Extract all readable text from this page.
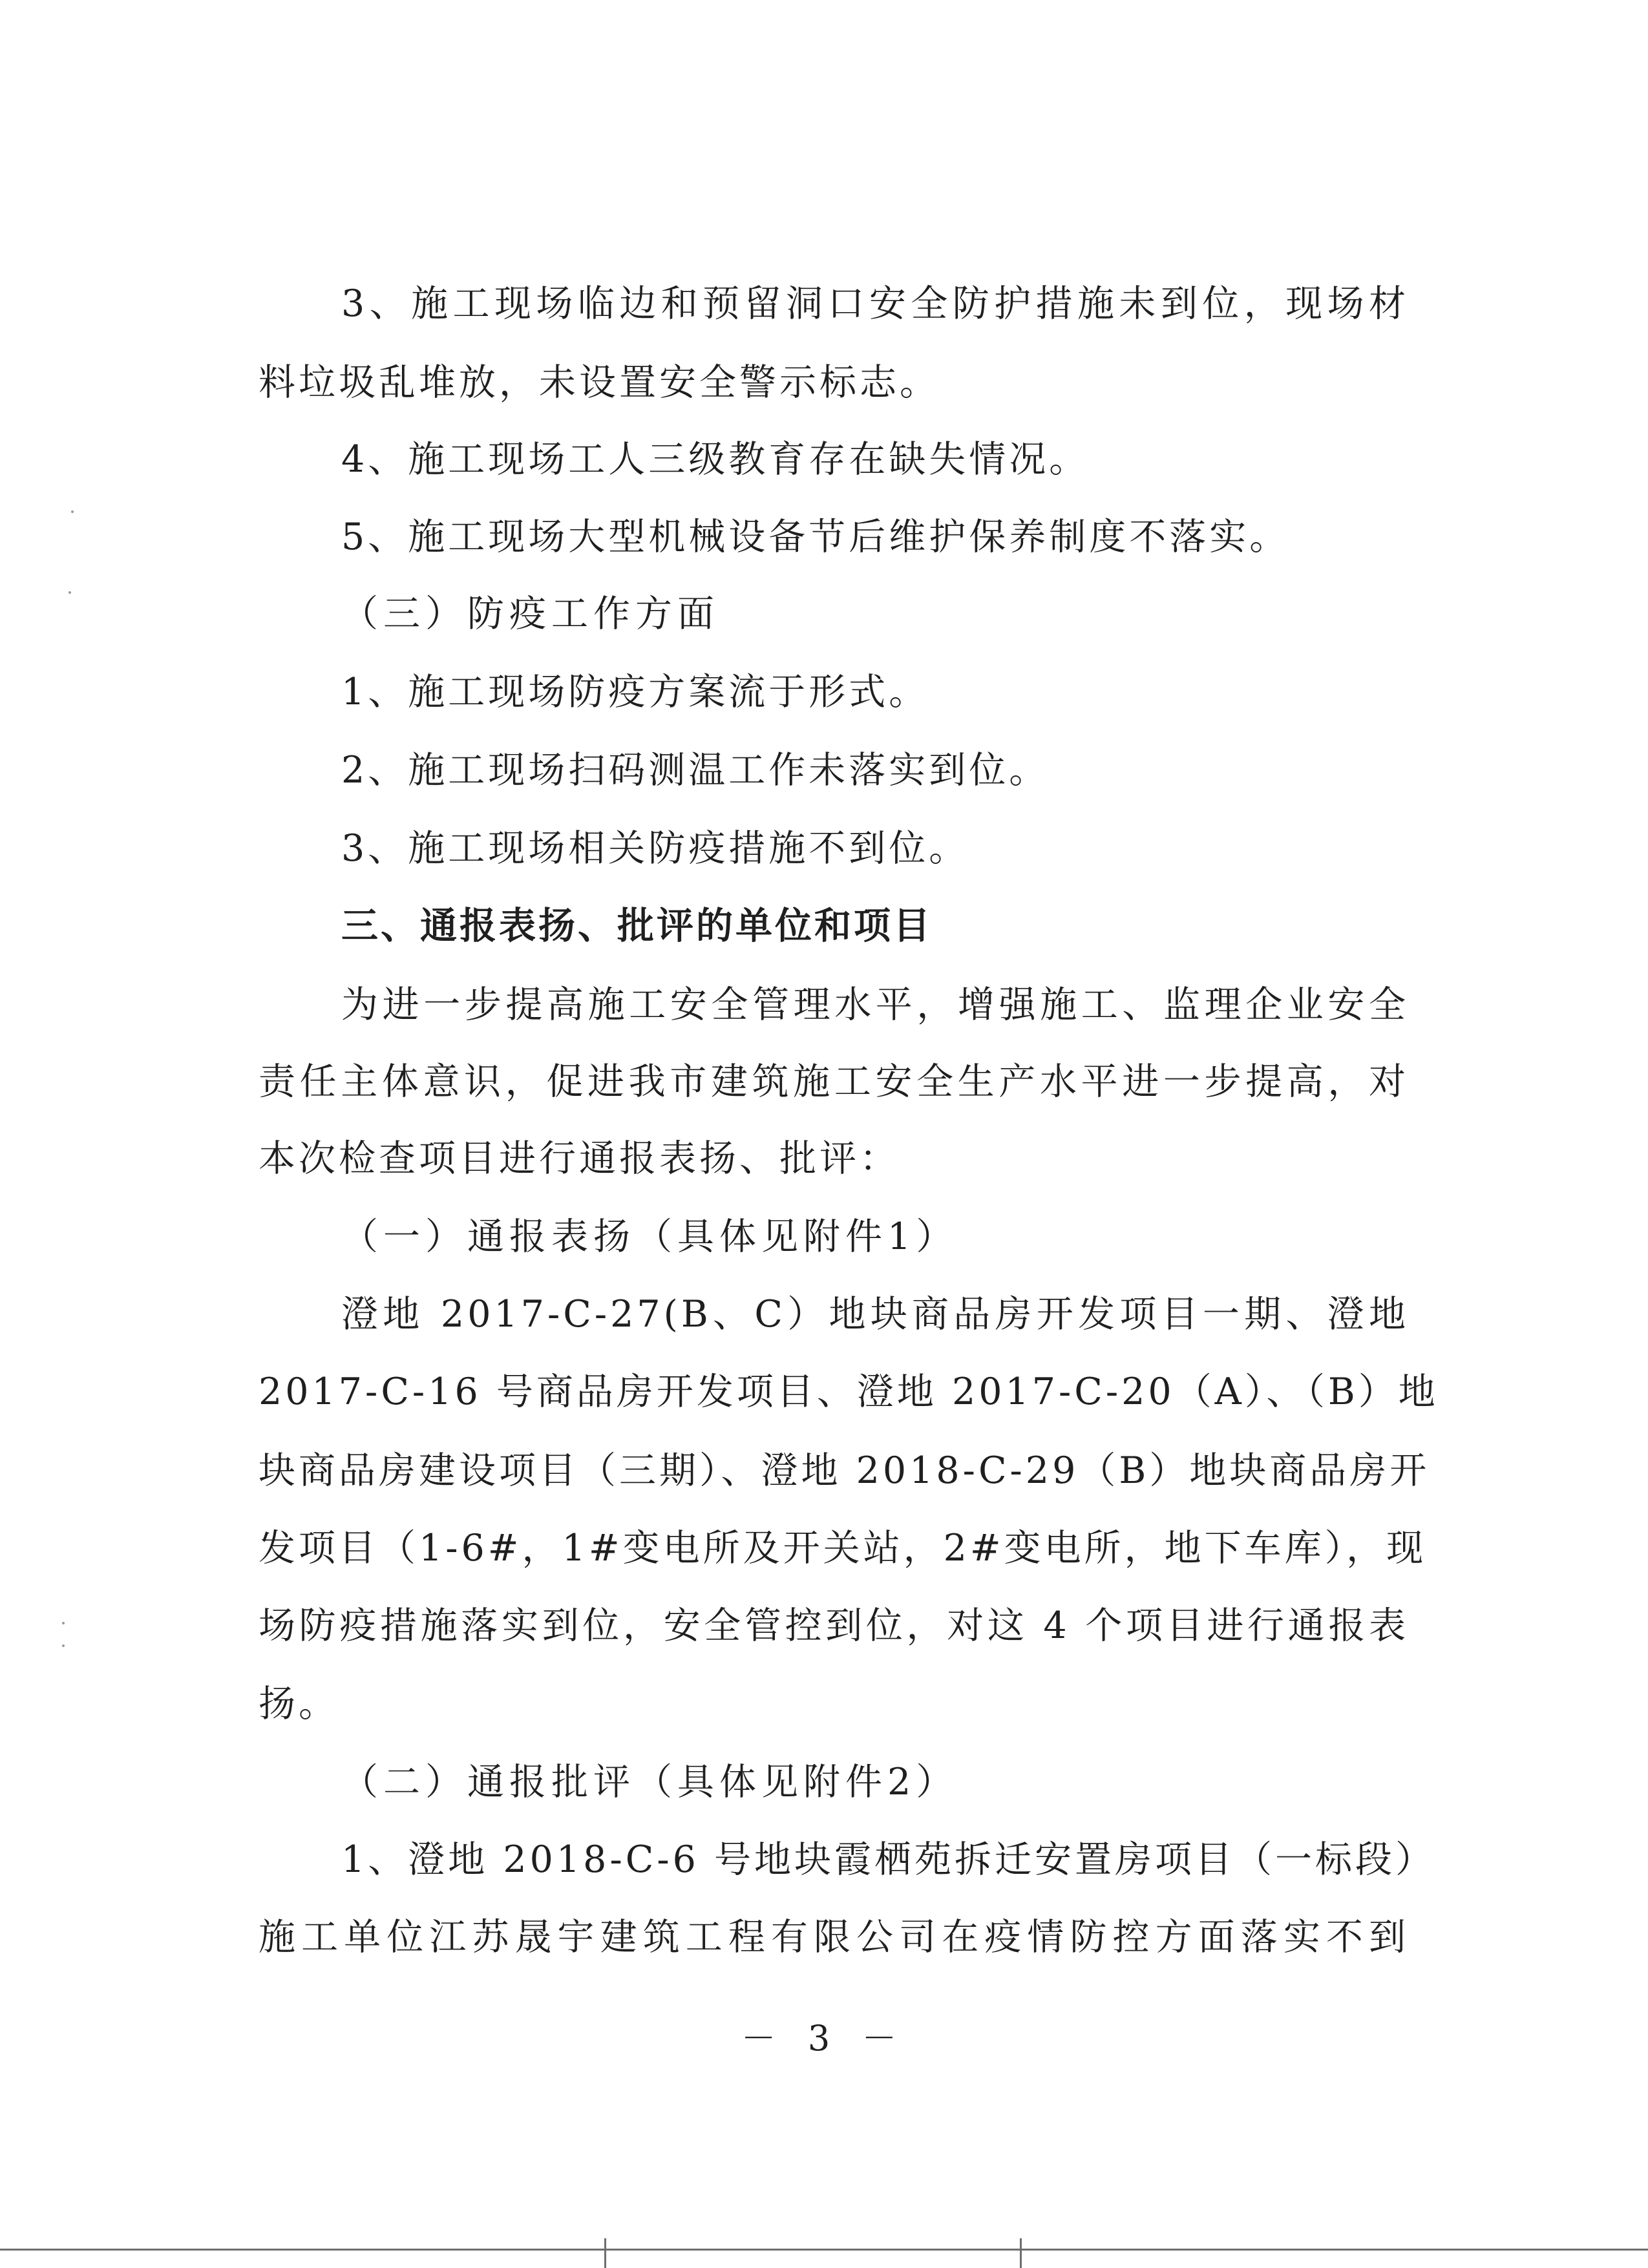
3、施工现场临边和预留洞口安全防护措施未到位，现场材
料垃圾乱堆放，未设置安全警示标志。
4、施工现场工人三级教育存在缺失情况。
5、施工现场大型机械设备节后维护保养制度不落实。
（三）防疫工作方面
1、施工现场防疫方案流于形式。
2、施工现场扫码测温工作未落实到位。
3、施工现场相关防疫措施不到位。
三、通报表扬、批评的单位和项目
为进一步提高施工安全管理水平，增强施工、监理企业安全
责任主体意识，促进我市建筑施工安全生产水平进一步提高，对
本次检查项目进行通报表扬、批评：
（一）通报表扬（具体见附件1）
澄地 2017-C-27(B、C）地块商品房开发项目一期、澄地
2017-C-16 号商品房开发项目、澄地 2017-C-20（A）、（B）地
块商品房建设项目（三期）、澄地 2018-C-29（B）地块商品房开
发项目（1-6#，1#变电所及开关站，2#变电所，地下车库），现
场防疫措施落实到位，安全管控到位，对这 4 个项目进行通报表
扬。
（二）通报批评（具体见附件2）
1、澄地 2018-C-6 号地块霞栖苑拆迁安置房项目（一标段）
施工单位江苏晟宇建筑工程有限公司在疫情防控方面落实不到
－ 3 －
